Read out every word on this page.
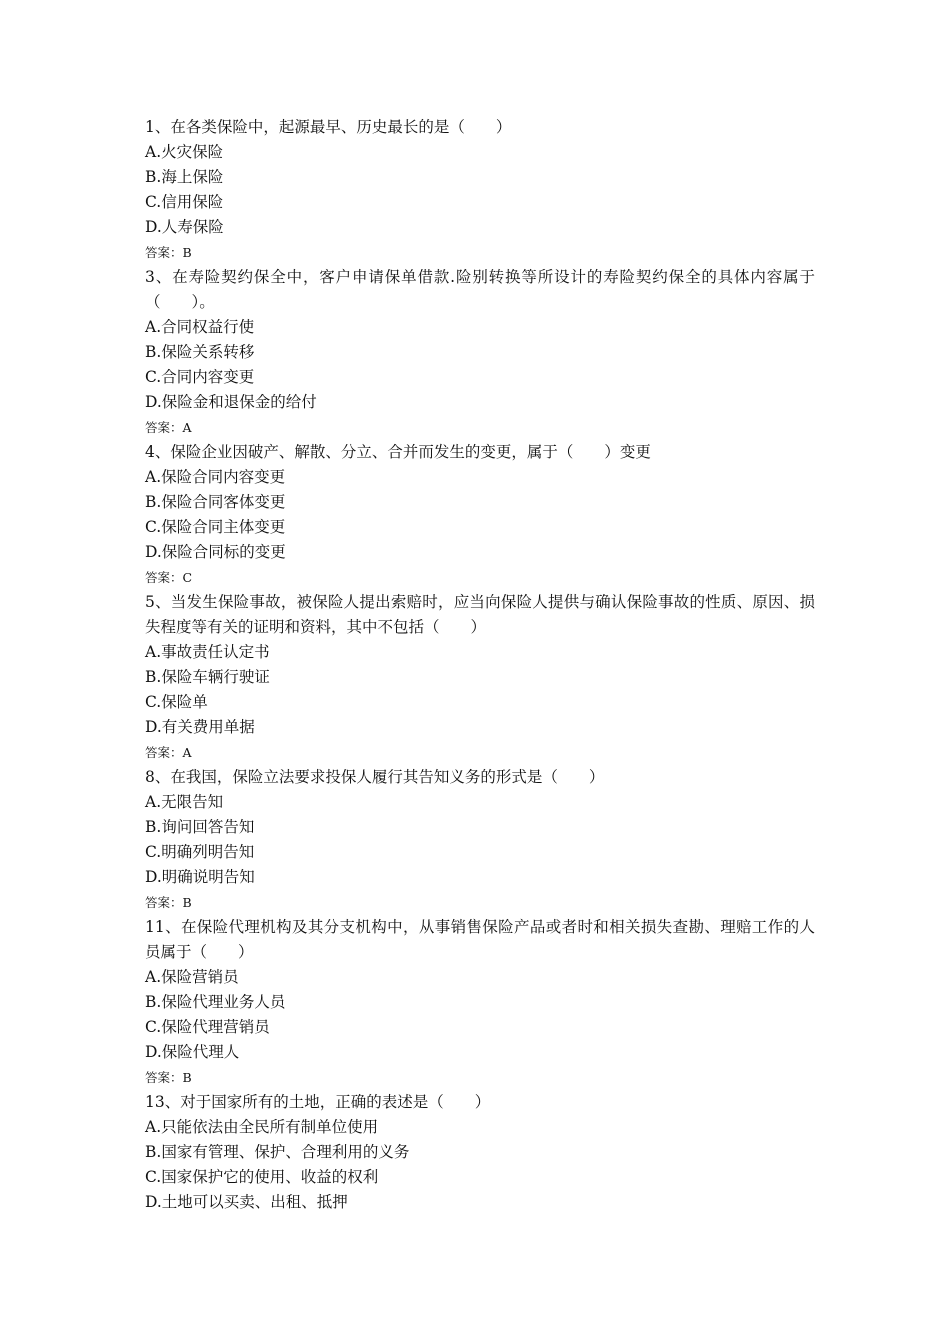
1、在各类保险中，起源最早、历史最长的是（　　）

A.火灾保险

B.海上保险

C.信用保险

D.人寿保险

答案：B

3、在寿险契约保全中，客户申请保单借款.险别转换等所设计的寿险契约保全的具体内容属于（　　）。

A.合同权益行使

B.保险关系转移

C.合同内容变更

D.保险金和退保金的给付

答案：A

4、保险企业因破产、解散、分立、合并而发生的变更，属于（　　）变更

A.保险合同内容变更

B.保险合同客体变更

C.保险合同主体变更

D.保险合同标的变更

答案：C

5、当发生保险事故，被保险人提出索赔时，应当向保险人提供与确认保险事故的性质、原因、损失程度等有关的证明和资料，其中不包括（　　）

A.事故责任认定书

B.保险车辆行驶证

C.保险单

D.有关费用单据

答案：A

8、在我国，保险立法要求投保人履行其告知义务的形式是（　　）

A.无限告知

B.询问回答告知

C.明确列明告知

D.明确说明告知

答案：B

11、在保险代理机构及其分支机构中，从事销售保险产品或者时和相关损失查勘、理赔工作的人员属于（　　）

A.保险营销员

B.保险代理业务人员

C.保险代理营销员

D.保险代理人

答案：B

13、对于国家所有的土地，正确的表述是（　　）

A.只能依法由全民所有制单位使用

B.国家有管理、保护、合理利用的义务

C.国家保护它的使用、收益的权利

D.土地可以买卖、出租、抵押
